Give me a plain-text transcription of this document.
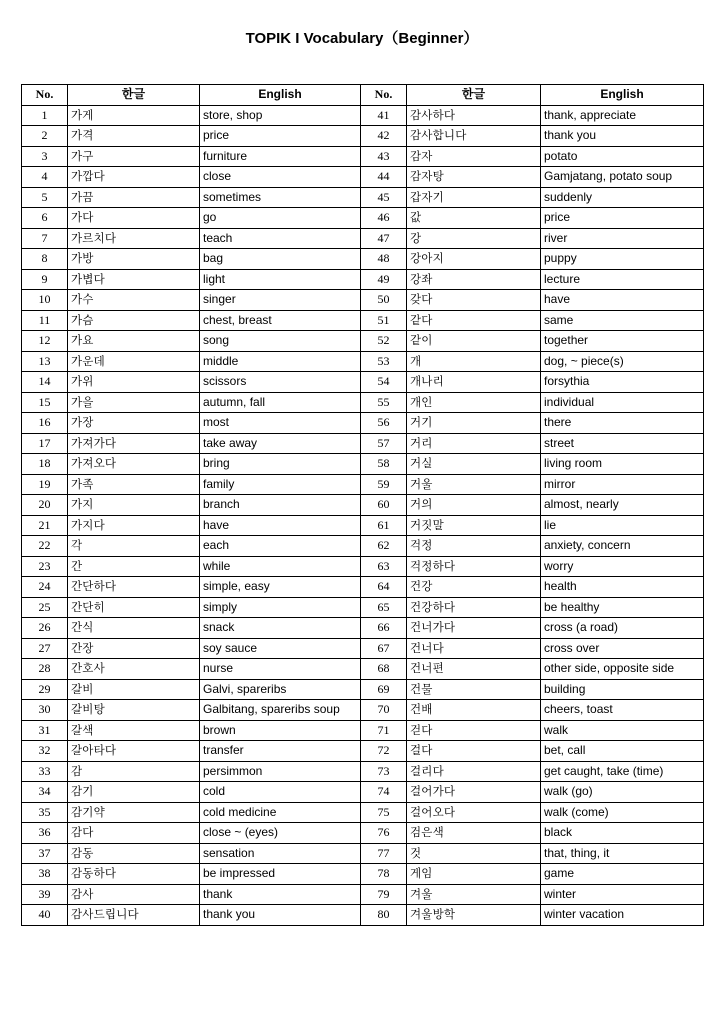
TOPIK I Vocabulary（Beginner）
No.	한글	English	No.	한글	English
1	가게	store, shop	41	감사하다	thank, appreciate
2	가격	price	42	감사합니다	thank you
3	가구	furniture	43	감자	potato
4	가깝다	close	44	감자탕	Gamjatang, potato soup
5	가끔	sometimes	45	갑자기	suddenly
6	가다	go	46	값	price
7	가르치다	teach	47	강	river
8	가방	bag	48	강아지	puppy
9	가볍다	light	49	강좌	lecture
10	가수	singer	50	갖다	have
11	가슴	chest, breast	51	같다	same
12	가요	song	52	같이	together
13	가운데	middle	53	개	dog, ~ piece(s)
14	가위	scissors	54	개나리	forsythia
15	가을	autumn, fall	55	개인	individual
16	가장	most	56	거기	there
17	가져가다	take away	57	거리	street
18	가져오다	bring	58	거실	living room
19	가족	family	59	거울	mirror
20	가지	branch	60	거의	almost, nearly
21	가지다	have	61	거짓말	lie
22	각	each	62	걱정	anxiety, concern
23	간	while	63	걱정하다	worry
24	간단하다	simple, easy	64	건강	health
25	간단히	simply	65	건강하다	be healthy
26	간식	snack	66	건너가다	cross (a road)
27	간장	soy sauce	67	건너다	cross over
28	간호사	nurse	68	건너편	other side, opposite side
29	갈비	Galvi, spareribs	69	건물	building
30	갈비탕	Galbitang, spareribs soup	70	건배	cheers, toast
31	갈색	brown	71	걷다	walk
32	갈아타다	transfer	72	걸다	bet, call
33	감	persimmon	73	걸리다	get caught, take (time)
34	감기	cold	74	걸어가다	walk (go)
35	감기약	cold medicine	75	걸어오다	walk (come)
36	감다	close ~ (eyes)	76	검은색	black
37	감동	sensation	77	것	that, thing, it
38	감동하다	be impressed	78	게임	game
39	감사	thank	79	겨울	winter
40	감사드립니다	thank you	80	겨울방학	winter vacation
